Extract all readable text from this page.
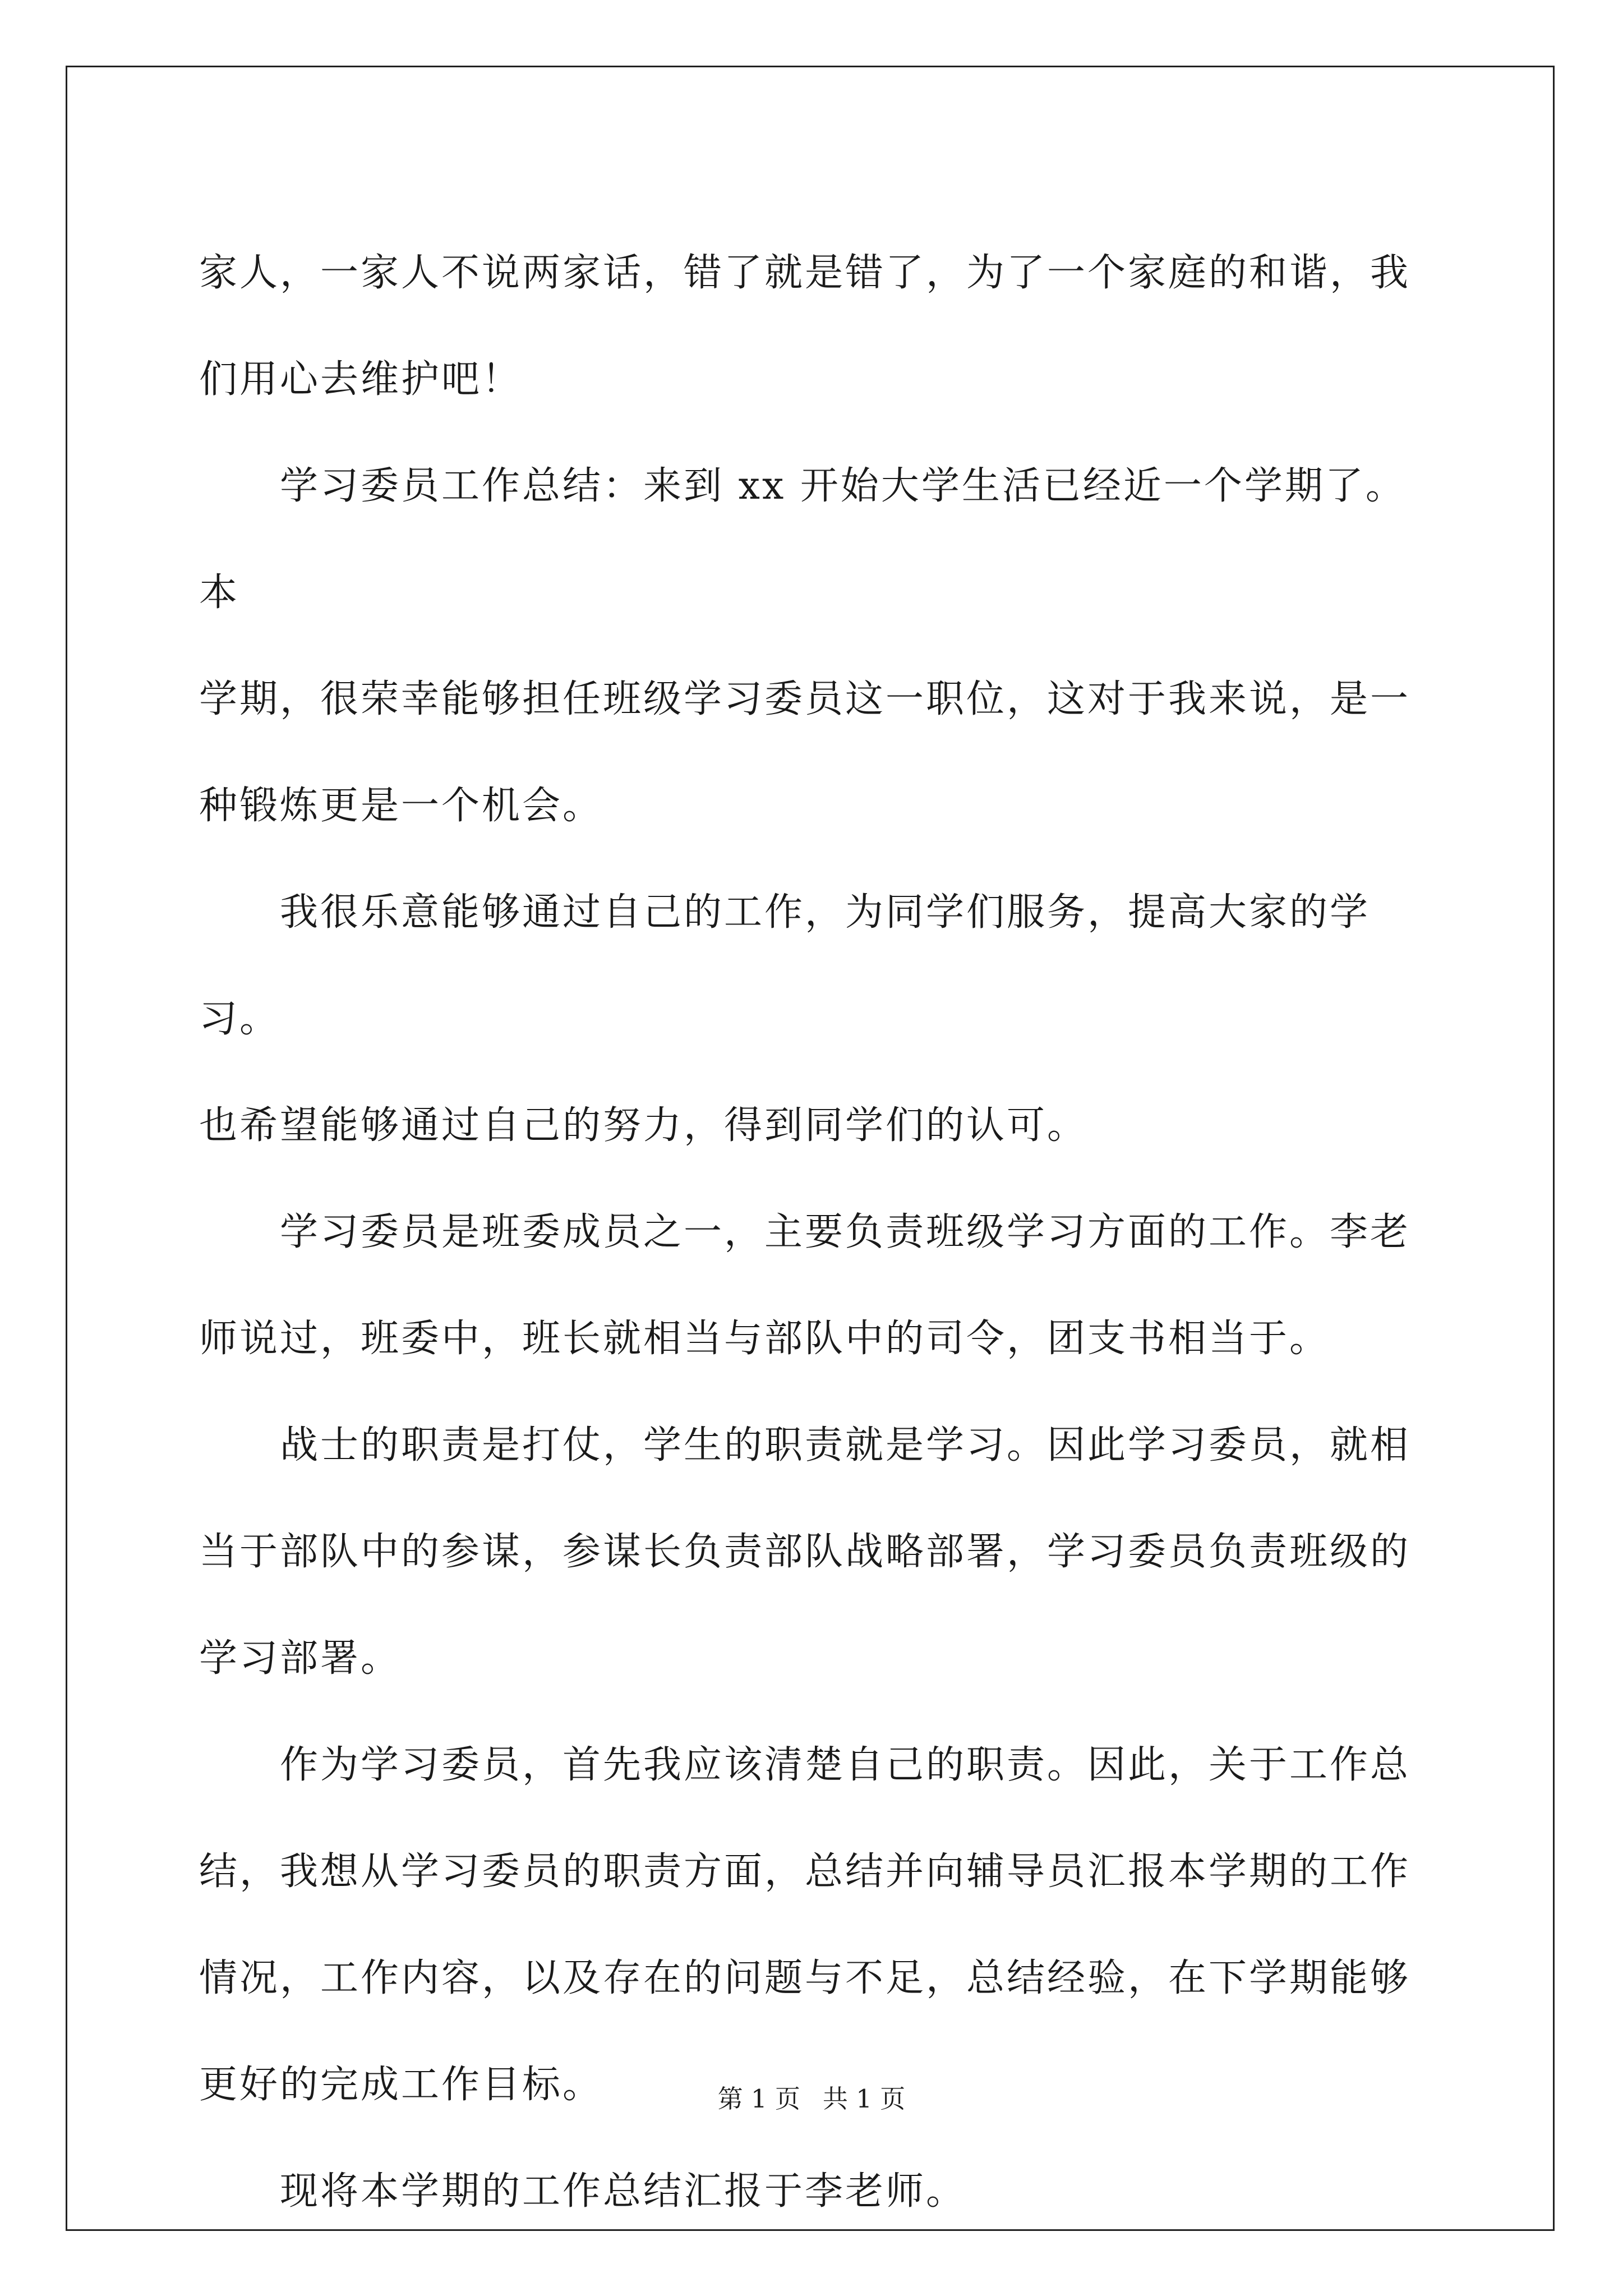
家人，一家人不说两家话，错了就是错了，为了一个家庭的和谐，我

们用心去维护吧！

　　学习委员工作总结：来到 xx 开始大学生活已经近一个学期了。本

学期，很荣幸能够担任班级学习委员这一职位，这对于我来说，是一

种锻炼更是一个机会。

　　我很乐意能够通过自己的工作，为同学们服务，提高大家的学习。

也希望能够通过自己的努力，得到同学们的认可。

　　学习委员是班委成员之一，主要负责班级学习方面的工作。李老

师说过，班委中，班长就相当与部队中的司令，团支书相当于。

　　战士的职责是打仗，学生的职责就是学习。因此学习委员，就相

当于部队中的参谋，参谋长负责部队战略部署，学习委员负责班级的

学习部署。

　　作为学习委员，首先我应该清楚自己的职责。因此，关于工作总

结，我想从学习委员的职责方面，总结并向辅导员汇报本学期的工作

情况，工作内容，以及存在的问题与不足，总结经验，在下学期能够

更好的完成工作目标。

　　现将本学期的工作总结汇报于李老师。

第 1 页 共 1 页
